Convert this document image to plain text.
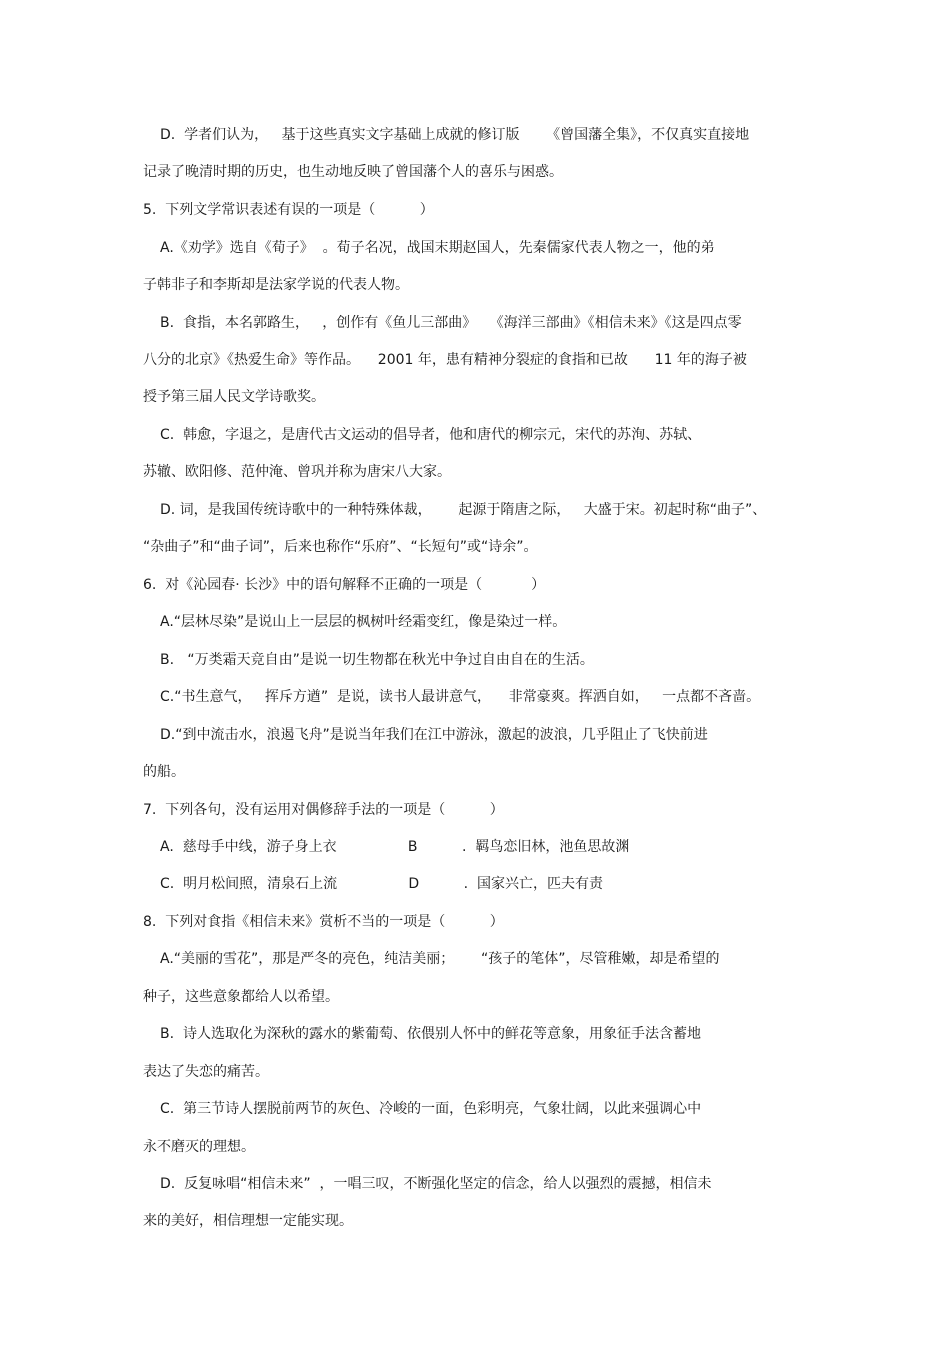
D.  学者们认为，   基于这些真实文字基础上成就的修订版      《曾国藩全集》，不仅真实直接地
记录了晚清时期的历史，也生动地反映了曾国藩个人的喜乐与困惑。
5.  下列文学常识表述有误的一项是（          ）
A.《劝学》选自《荀子》  。荀子名况，战国末期赵国人，先秦儒家代表人物之一，他的弟
子韩非子和李斯却是法家学说的代表人物。
B.  食指，本名郭路生，   ，创作有《鱼儿三部曲》   《海洋三部曲》《相信未来》《这是四点零
八分的北京》《热爱生命》等作品。    2001 年，患有精神分裂症的食指和已故      11 年的海子被
授予第三届人民文学诗歌奖。
C.  韩愈，字退之，是唐代古文运动的倡导者，他和唐代的柳宗元，宋代的苏洵、苏轼、
苏辙、欧阳修、范仲淹、曾巩并称为唐宋八大家。
D. 词，是我国传统诗歌中的一种特殊体裁，      起源于隋唐之际，   大盛于宋。初起时称“曲子”、
“杂曲子”和“曲子词”，后来也称作“乐府”、“长短句”或“诗余”。
6.  对《沁园春· 长沙》中的语句解释不正确的一项是（           ）
A.“层林尽染”是说山上一层层的枫树叶经霜变红，像是染过一样。
B.   “万类霜天竞自由”是说一切生物都在秋光中争过自由自在的生活。
C.“书生意气，   挥斥方遒”  是说，读书人最讲意气，    非常豪爽。挥洒自如，   一点都不吝啬。
D.“到中流击水，浪遏飞舟”是说当年我们在江中游泳，激起的波浪，几乎阻止了飞快前进
的船。
7.  下列各句，没有运用对偶修辞手法的一项是（          ）
A.  慈母手中线，游子身上衣                B          .  羁鸟恋旧林，池鱼思故渊
C.  明月松间照，清泉石上流                D          .  国家兴亡，匹夫有责
8.  下列对食指《相信未来》赏析不当的一项是（          ）
A.“美丽的雪花”，那是严冬的亮色，纯洁美丽；      “孩子的笔体”，尽管稚嫩，却是希望的
种子，这些意象都给人以希望。
B.  诗人选取化为深秋的露水的紫葡萄、依偎别人怀中的鲜花等意象，用象征手法含蓄地
表达了失恋的痛苦。
C.  第三节诗人摆脱前两节的灰色、冷峻的一面，色彩明亮，气象壮阔，以此来强调心中
永不磨灭的理想。
D.  反复咏唱“相信未来”  ，一唱三叹，不断强化坚定的信念，给人以强烈的震撼，相信未
来的美好，相信理想一定能实现。
